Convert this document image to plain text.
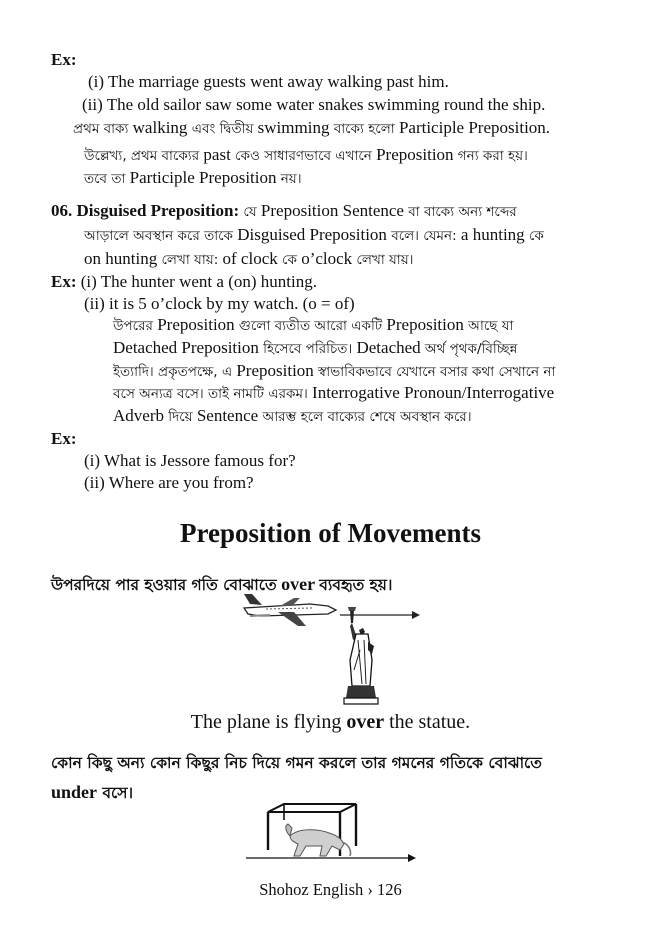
Ex:
(i) The marriage guests went away walking past him.
(ii) The old sailor saw some water snakes swimming round the ship.
প্রথম বাক্য walking এবং দ্বিতীয় swimming বাক্যে হলো Participle Preposition.
উল্লেখ্য, প্রথম বাক্যের past কেও সাধারণভাবে এখানে Preposition গন্য করা হয়।
তবে তা Participle Preposition নয়।
06. Disguised Preposition: যে Preposition Sentence বা বাক্যে অন্য শব্দের
আড়ালে অবস্থান করে তাকে Disguised Preposition বলে। যেমন: a hunting কে
on hunting লেখা যায়: of clock কে o’clock লেখা যায়।
Ex: (i) The hunter went a (on) hunting.
(ii) it is 5 o’clock by my watch. (o = of)
উপরের Preposition গুলো ব্যতীত আরো একটি Preposition আছে যা
Detached Preposition হিসেবে পরিচিত। Detached অর্থ পৃথক/বিচ্ছিন্ন
ইত্যাদি। প্রকৃতপক্ষে, এ Preposition স্বাভাবিকভাবে যেখানে বসার কথা সেখানে না
বসে অন্যত্র বসে। তাই নামটি এরকম। Interrogative Pronoun/Interrogative
Adverb দিয়ে Sentence আরম্ভ হলে বাক্যের শেষে অবস্থান করে।
Ex:
(i) What is Jessore famous for?
(ii) Where are you from?
Preposition of Movements
উপরদিয়ে পার হওয়ার গতি বোঝাতে over ব্যবহৃত হয়।
The plane is flying over the statue.
কোন কিছু অন্য কোন কিছুর নিচ দিয়ে গমন করলে তার গমনের গতিকে বোঝাতে
under বসে।
Shohoz English › 126
